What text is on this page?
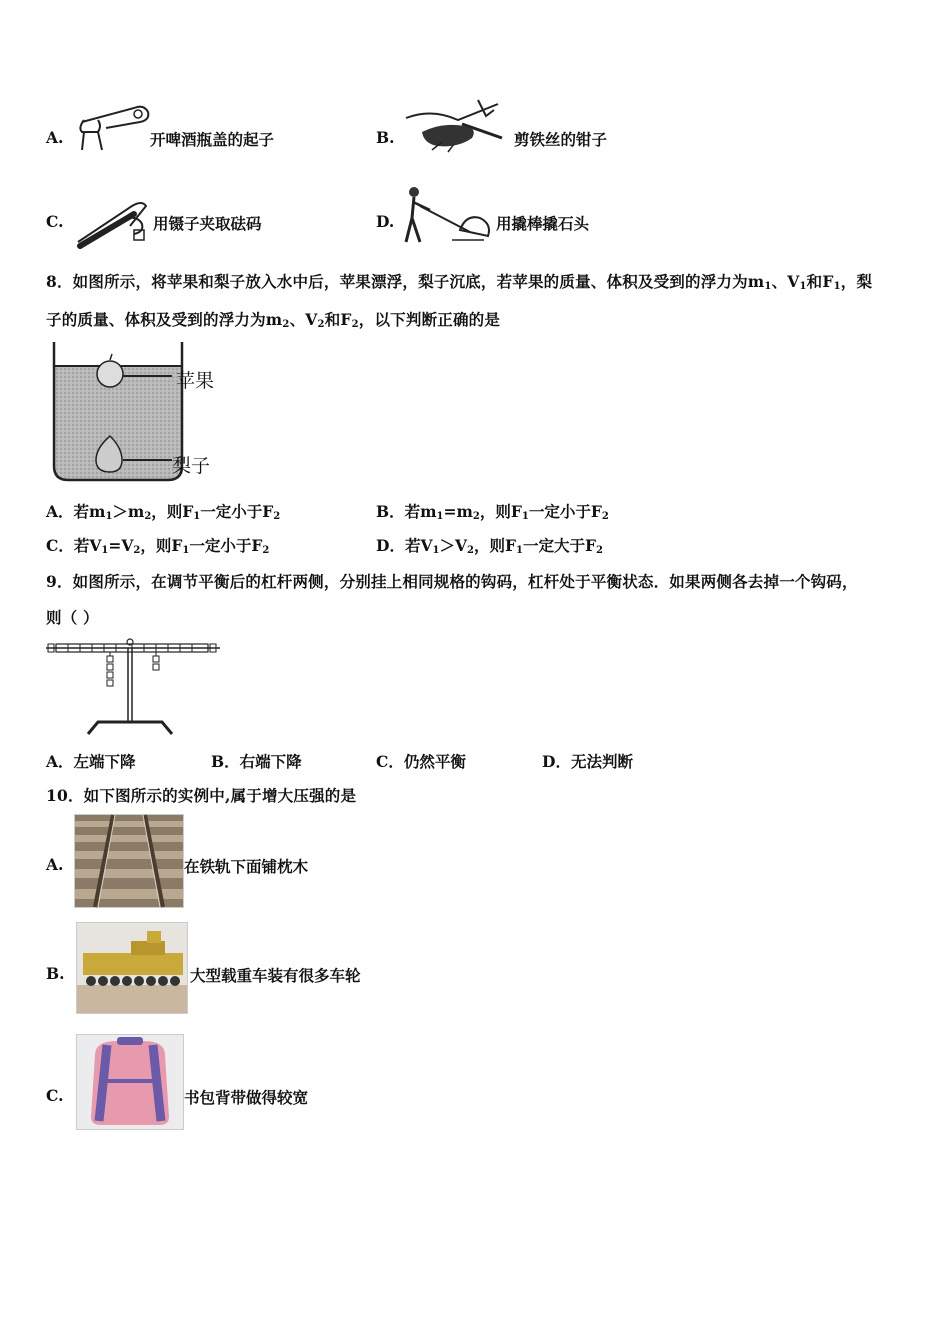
A.	开啤酒瓶盖的起子	B.	剪铁丝的钳子
C.	用镊子夹取砝码	D.	用撬棒撬石头
8．如图所示，将苹果和梨子放入水中后，苹果漂浮，梨子沉底，若苹果的质量、体积及受到的浮力为$m_1$、$V_1$和$F_1$，梨
子的质量、体积及受到的浮力为$m_2$、$V_2$和$F_2$，以下判断正确的是
苹果
梨子
A．若$m_1>m_2$，则$F_1$一定小于$F_2$	B．若$m_1=m_2$，则$F_1$一定小于$F_2$
C．若$V_1=V_2$，则$F_1$一定小于$F_2$	D．若$V_1>V_2$，则$F_1$一定大于$F_2$
9．如图所示，在调节平衡后的杠杆两侧，分别挂上相同规格的钩码，杠杆处于平衡状态．如果两侧各去掉一个钩码，
则（ ）
A．左端下降	B．右端下降	C．仍然平衡	D．无法判断
10．如下图所示的实例中,属于增大压强的是
A.	在铁轨下面铺枕木
B.	大型载重车装有很多车轮
C.	书包背带做得较宽
